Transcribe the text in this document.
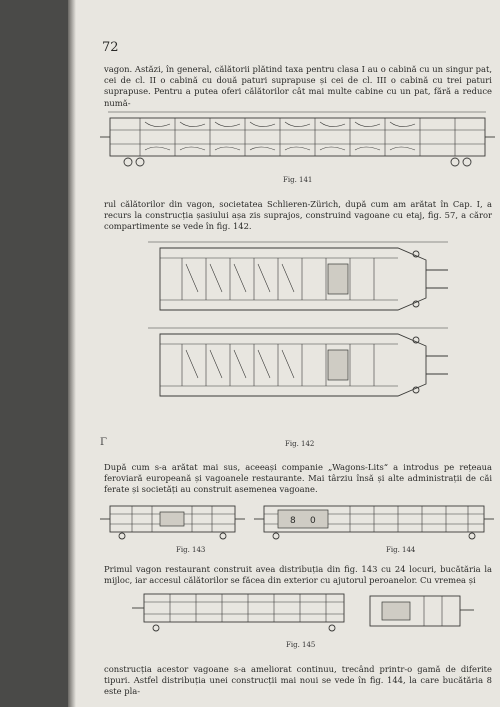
72
vagon. Astăzi, în general, călătorii plătind taxa pentru clasa I au o cabină cu un singur pat, cei de cl. II o cabină cu două paturi suprapuse și cei de cl. III o cabină cu trei paturi suprapuse. Pentru a putea oferi călătorilor cât mai multe cabine cu un pat, fără a reduce numă-
Fig. 141
rul călătorilor din vagon, societatea Schlieren-Zürich, după cum am arătat în Cap. I, a recurs la construcția șasiului așa zis suprajos, construind vagoane cu etaj, fig. 57, a căror compartimente se vede în fig. 142.
Fig. 142
Γ
După cum s-a arătat mai sus, aceeași companie „Wagons-Lits“ a introdus pe rețeaua feroviară europeană și vagoanele restaurante. Mai târziu însă și alte administrații de căi ferate și societăți au construit asemenea vagoane.
Fig. 143
8 0
Fig. 144
Primul vagon restaurant construit avea distribuția din fig. 143 cu 24 locuri, bucătăria la mijloc, iar accesul călătorilor se făcea din exterior cu ajutorul peroanelor. Cu vremea și
Fig. 145
construcția acestor vagoane s-a ameliorat continuu, trecând printr-o gamă de diferite tipuri. Astfel distribuția unei construcții mai noui se vede în fig. 144, la care bucătăria 8 este pla-
